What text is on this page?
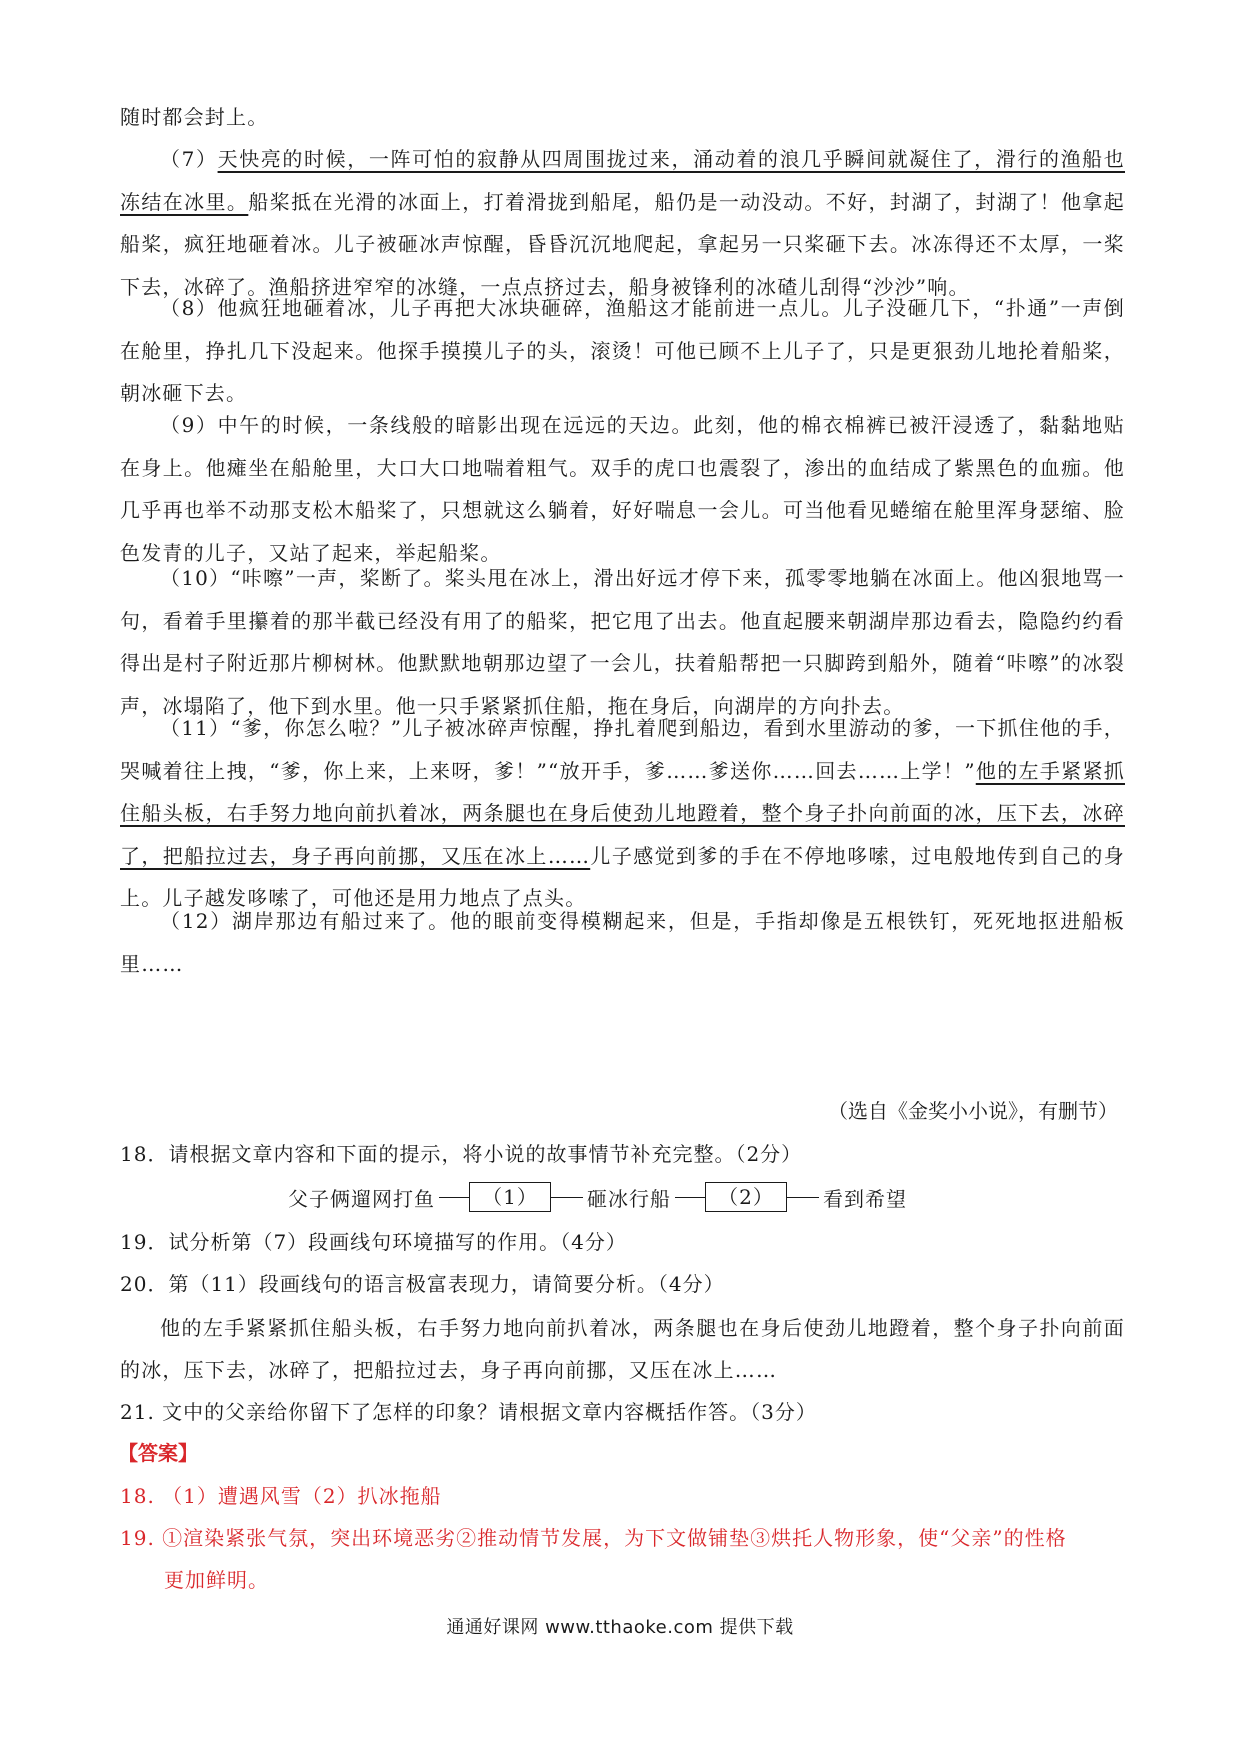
随时都会封上。

（7）天快亮的时候，一阵可怕的寂静从四周围拢过来，涌动着的浪几乎瞬间就凝住了，滑行的渔船也冻结在冰里。船桨抵在光滑的冰面上，打着滑拢到船尾，船仍是一动没动。不好，封湖了，封湖了！他拿起船桨，疯狂地砸着冰。儿子被砸冰声惊醒，昏昏沉沉地爬起，拿起另一只桨砸下去。冰冻得还不太厚，一桨下去，冰碎了。渔船挤进窄窄的冰缝，一点点挤过去，船身被锋利的冰碴儿刮得“沙沙”响。

（8）他疯狂地砸着冰，儿子再把大冰块砸碎，渔船这才能前进一点儿。儿子没砸几下，“扑通”一声倒在舱里，挣扎几下没起来。他探手摸摸儿子的头，滚烫！可他已顾不上儿子了，只是更狠劲儿地抡着船桨，朝冰砸下去。

（9）中午的时候，一条线般的暗影出现在远远的天边。此刻，他的棉衣棉裤已被汗浸透了，黏黏地贴在身上。他瘫坐在船舱里，大口大口地喘着粗气。双手的虎口也震裂了，渗出的血结成了紫黑色的血痂。他几乎再也举不动那支松木船桨了，只想就这么躺着，好好喘息一会儿。可当他看见蜷缩在舱里浑身瑟缩、脸色发青的儿子，又站了起来，举起船桨。

（10）“咔嚓”一声，桨断了。桨头甩在冰上，滑出好远才停下来，孤零零地躺在冰面上。他凶狠地骂一句，看着手里攥着的那半截已经没有用了的船桨，把它甩了出去。他直起腰来朝湖岸那边看去，隐隐约约看得出是村子附近那片柳树林。他默默地朝那边望了一会儿，扶着船帮把一只脚跨到船外，随着“咔嚓”的冰裂声，冰塌陷了，他下到水里。他一只手紧紧抓住船，拖在身后，向湖岸的方向扑去。

（11）“爹，你怎么啦？”儿子被冰碎声惊醒，挣扎着爬到船边，看到水里游动的爹，一下抓住他的手，哭喊着往上拽，“爹，你上来，上来呀，爹！”“放开手，爹……爹送你……回去……上学！”他的左手紧紧抓住船头板，右手努力地向前扒着冰，两条腿也在身后使劲儿地蹬着，整个身子扑向前面的冰，压下去，冰碎了，把船拉过去，身子再向前挪，又压在冰上……儿子感觉到爹的手在不停地哆嗦，过电般地传到自己的身上。儿子越发哆嗦了，可他还是用力地点了点头。

（12）湖岸那边有船过来了。他的眼前变得模糊起来，但是，手指却像是五根铁钉，死死地抠进船板里……

（选自《金奖小小说》，有删节）

18．请根据文章内容和下面的提示，将小说的故事情节补充完整。（2分）

父子俩遛网打鱼	（1）	砸冰行船	（2）	看到希望

19．试分析第（7）段画线句环境描写的作用。（4分）

20．第（11）段画线句的语言极富表现力，请简要分析。（4分）

他的左手紧紧抓住船头板，右手努力地向前扒着冰，两条腿也在身后使劲儿地蹬着，整个身子扑向前面的冰，压下去，冰碎了，把船拉过去，身子再向前挪，又压在冰上……

21. 文中的父亲给你留下了怎样的印象？请根据文章内容概括作答。（3分）

【答案】

18. （1）遭遇风雪（2）扒冰拖船

19. ①渲染紧张气氛，突出环境恶劣②推动情节发展，为下文做铺垫③烘托人物形象，使“父亲”的性格
更加鲜明。

通通好课网 www.tthaoke.com 提供下载
